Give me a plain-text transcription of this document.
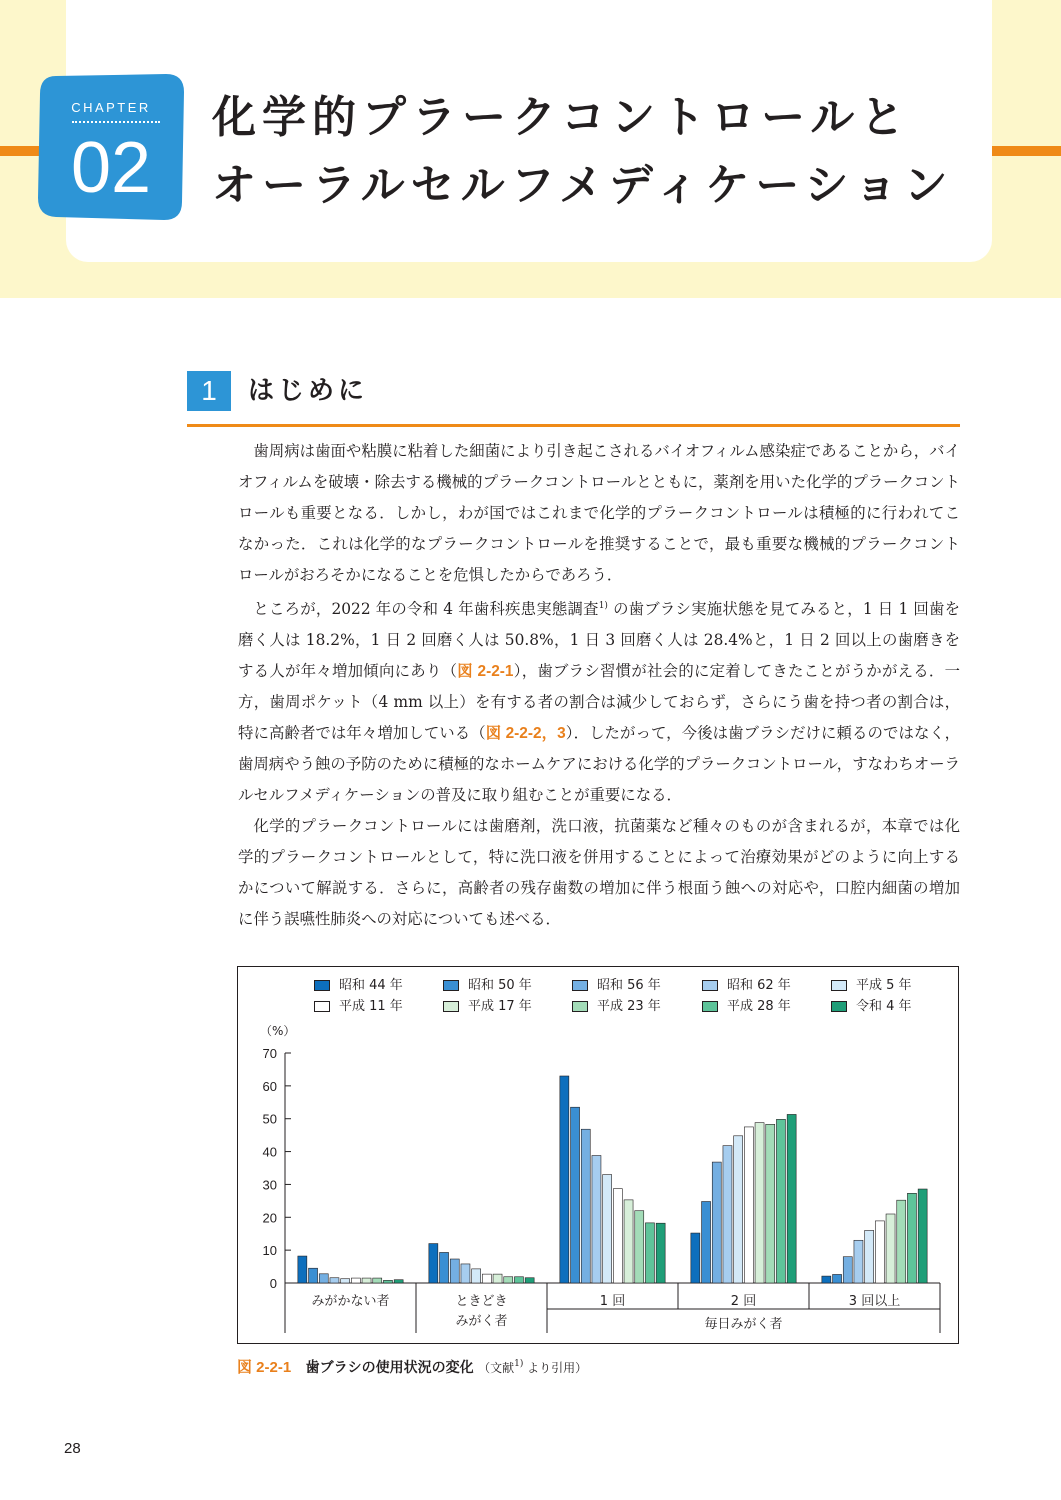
CHAPTER
02
化学的プラークコントロールと
オーラルセルフメディケーション
1	はじめに

歯周病は歯面や粘膜に粘着した細菌により引き起こされるバイオフィルム感染症であることから，バイオフィルムを破壊・除去する機械的プラークコントロールとともに，薬剤を用いた化学的プラークコントロールも重要となる．しかし，わが国ではこれまで化学的プラークコントロールは積極的に行われてこなかった．これは化学的なプラークコントロールを推奨することで，最も重要な機械的プラークコントロールがおろそかになることを危惧したからであろう．

ところが，2022 年の令和 4 年歯科疾患実態調査$^{1)}$ の歯ブラシ実施状態を見てみると，1 日 1 回歯を磨く人は 18.2%，1 日 2 回磨く人は 50.8%，1 日 3 回磨く人は 28.4%と，1 日 2 回以上の歯磨きをする人が年々増加傾向にあり（図 2-2-1），歯ブラシ習慣が社会的に定着してきたことがうかがえる．一方，歯周ポケット（4 mm 以上）を有する者の割合は減少しておらず，さらにう歯を持つ者の割合は，特に高齢者では年々増加している（図 2-2-2，3）．したがって，今後は歯ブラシだけに頼るのではなく，歯周病やう蝕の予防のために積極的なホームケアにおける化学的プラークコントロール，すなわちオーラルセルフメディケーションの普及に取り組むことが重要になる．

化学的プラークコントロールには歯磨剤，洗口液，抗菌薬など種々のものが含まれるが，本章では化学的プラークコントロールとして，特に洗口液を併用することによって治療効果がどのように向上するかについて解説する．さらに，高齢者の残存歯数の増加に伴う根面う蝕への対応や，口腔内細菌の増加に伴う誤嚥性肺炎への対応についても述べる．

0
10
20
30
40
50
60
70
（%）
みがかない者	ときどき
みがく者
1 回	2 回	3 回以上
毎日みがく者
昭和 44 年	昭和 50 年	昭和 56 年	昭和 62 年	平成 5 年
平成 11 年	平成 17 年	平成 23 年	平成 28 年	令和 4 年
図 2-2-1 歯ブラシの使用状況の変化 （文献$^{1)}$ より引用）
28
